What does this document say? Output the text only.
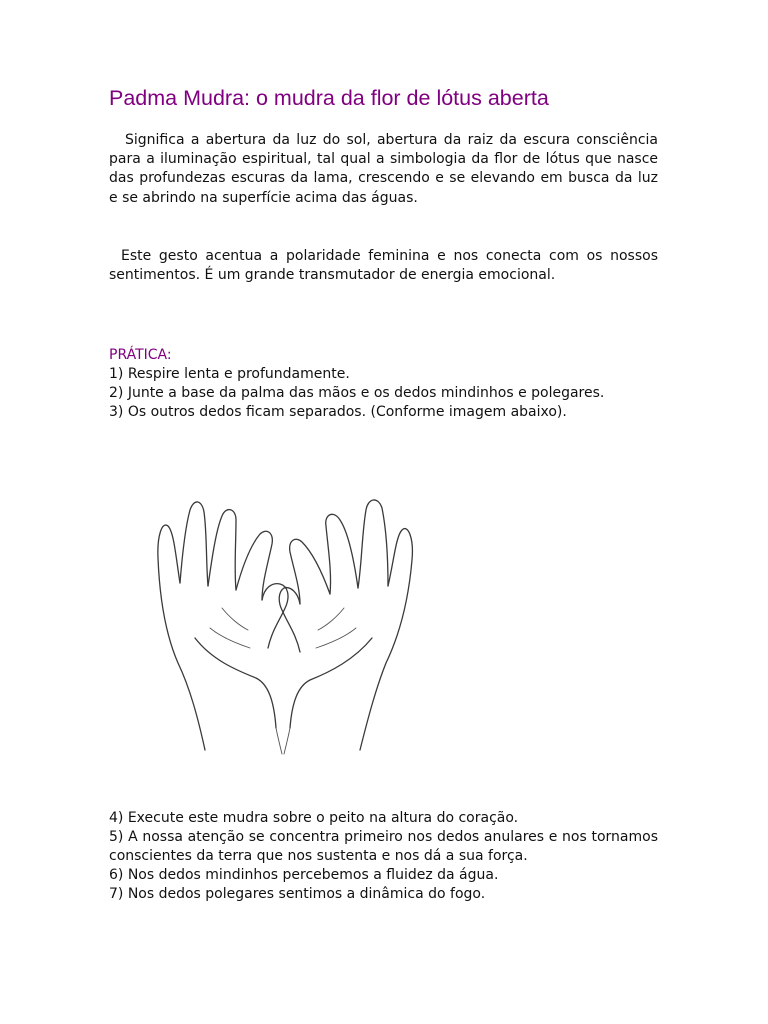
Padma Mudra: o mudra da flor de lótus aberta

Significa a abertura da luz do sol, abertura da raiz da escura consciência para a iluminação espiritual, tal qual a simbologia da flor de lótus que nasce das profundezas escuras da lama, crescendo e se elevando em busca da luz e se abrindo na superfície acima das águas.

Este gesto acentua a polaridade feminina e nos conecta com os nossos sentimentos. É um grande transmutador de energia emocional.

PRÁTICA:

1) Respire lenta e profundamente.
2) Junte a base da palma das mãos e os dedos mindinhos e polegares.
3) Os outros dedos ficam separados. (Conforme imagem abaixo).
4) Execute este mudra sobre o peito na altura do coração.
5) A nossa atenção se concentra primeiro nos dedos anulares e nos tornamos conscientes da terra que nos sustenta e nos dá a sua força.
6) Nos dedos mindinhos percebemos a fluidez da água.
7) Nos dedos polegares sentimos a dinâmica do fogo.
